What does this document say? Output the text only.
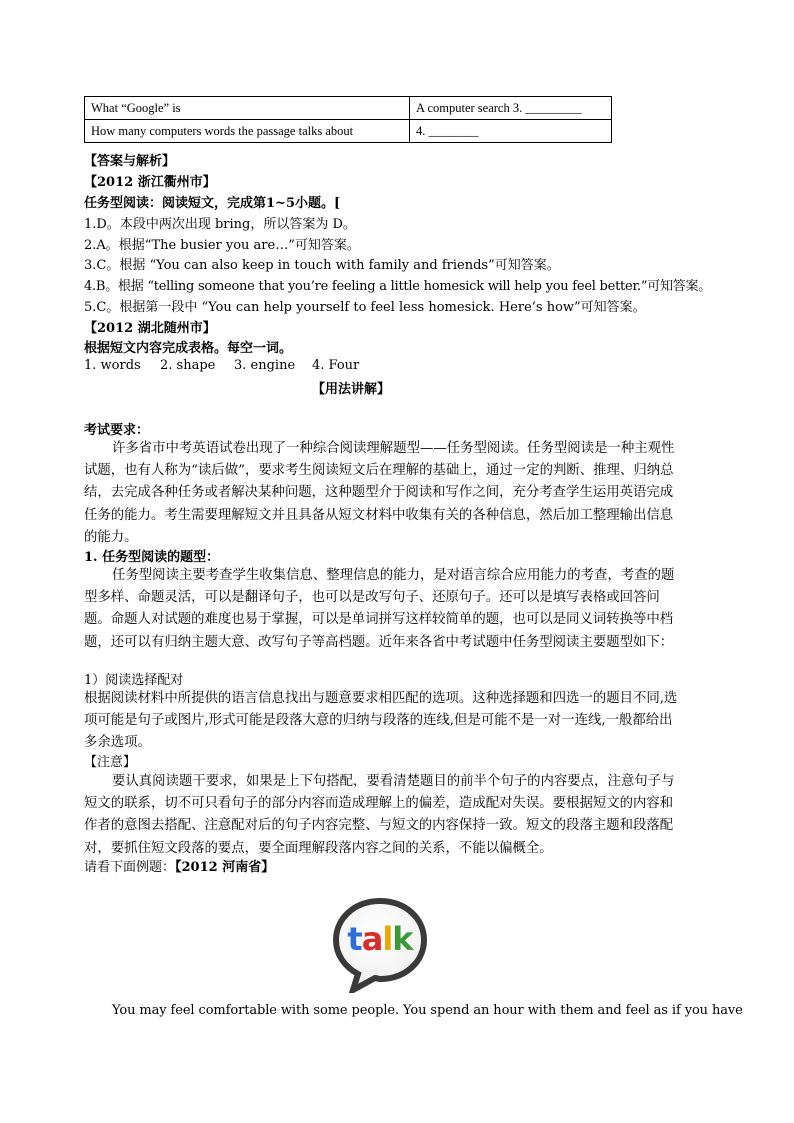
What “Google” is	A computer search 3. _________
How many computers words the passage talks about	4. ________
【答案与解析】
【2012 浙江衢州市】
任务型阅读：阅读短文，完成第1~5小题。[
1.D。本段中两次出现 bring，所以答案为 D。
2.A。根据“The busier you are…”可知答案。
3.C。根据 “You can also keep in touch with family and friends”可知答案。
4.B。根据 “telling someone that you’re feeling a little homesick will help you feel better.”可知答案。
5.C。根据第一段中 “You can help yourself to feel less homesick. Here’s how”可知答案。
【2012 湖北随州市】
根据短文内容完成表格。每空一词。
1. words 2. shape 3. engine 4. Four
【用法讲解】
考试要求：
许多省市中考英语试卷出现了一种综合阅读理解题型——任务型阅读。任务型阅读是一种主观性试题，也有人称为“读后做”，要求考生阅读短文后在理解的基础上，通过一定的判断、推理、归纳总结，去完成各种任务或者解决某种问题，这种题型介于阅读和写作之间，充分考查学生运用英语完成任务的能力。考生需要理解短文并且具备从短文材料中收集有关的各种信息，然后加工整理输出信息的能力。
1. 任务型阅读的题型：
任务型阅读主要考查学生收集信息、整理信息的能力，是对语言综合应用能力的考查，考查的题型多样、命题灵活，可以是翻译句子，也可以是改写句子、还原句子。还可以是填写表格或回答问题。命题人对试题的难度也易于掌握，可以是单词拼写这样较简单的题，也可以是同义词转换等中档题，还可以有归纳主题大意、改写句子等高档题。近年来各省中考试题中任务型阅读主要题型如下：
1）阅读选择配对
根据阅读材料中所提供的语言信息找出与题意要求相匹配的选项。这种选择题和四选一的题目不同,选项可能是句子或图片,形式可能是段落大意的归纳与段落的连线,但是可能不是一对一连线,一般都给出多余选项。
【注意】
要认真阅读题干要求，如果是上下句搭配，要看清楚题目的前半个句子的内容要点，注意句子与短文的联系，切不可只看句子的部分内容而造成理解上的偏差，造成配对失误。要根据短文的内容和作者的意图去搭配、注意配对后的句子内容完整、与短文的内容保持一致。短文的段落主题和段落配对，要抓住短文段落的要点，要全面理解段落内容之间的关系，不能以偏概全。
请看下面例题：【2012 河南省】
talk
You may feel comfortable with some people. You spend an hour with them and feel as if you have
